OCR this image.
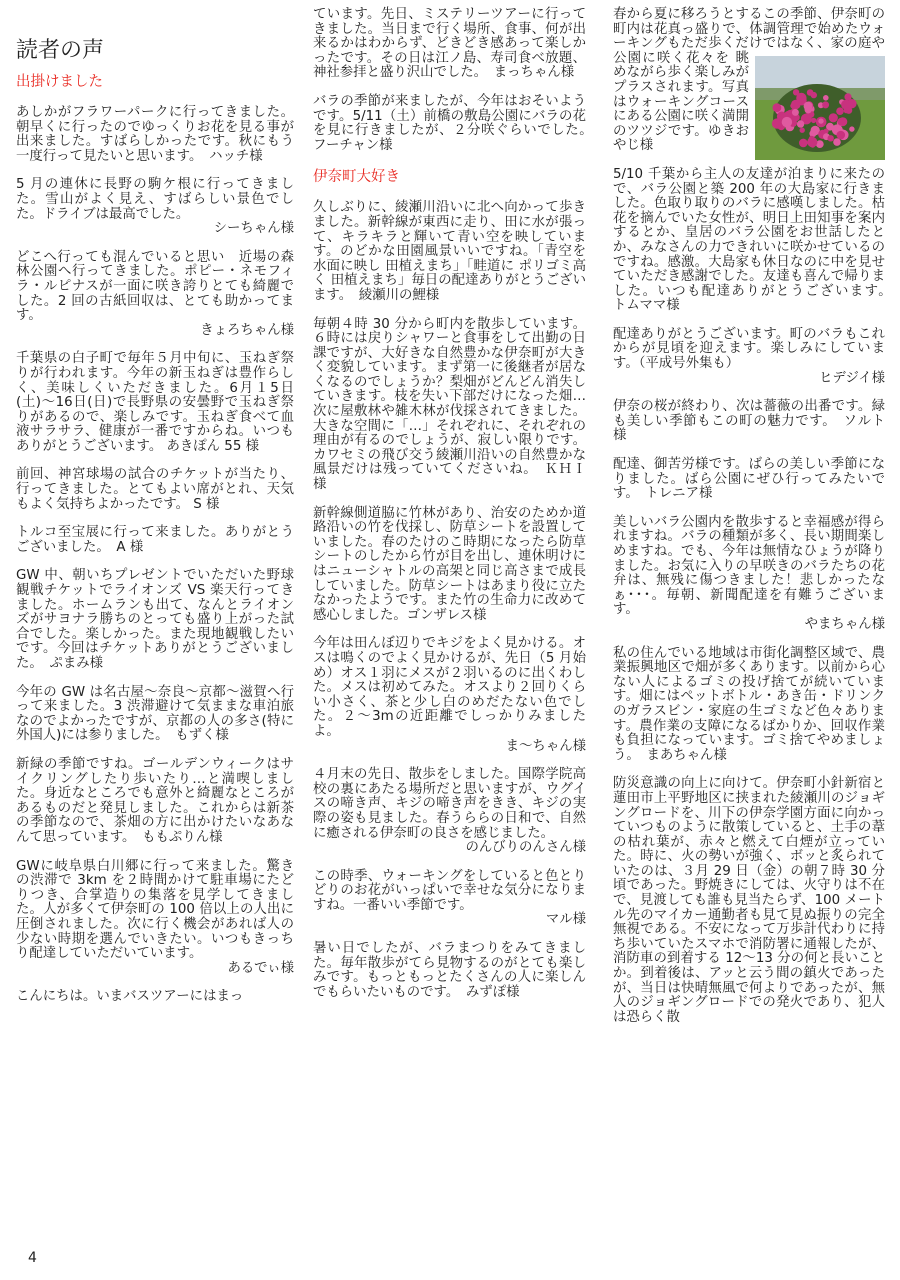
読者の声
出掛けました

あしかがフラワーパークに行ってきました。朝早くに行ったのでゆっくりお花を見る事が出来ました。すばらしかったです。秋にもう一度行って見たいと思います。　ハッチ様

5 月の連休に長野の駒ケ根に行ってきました。雪山がよく見え、すばらしい景色でした。ドライブは最高でした。

シーちゃん様

どこへ行っても混んでいると思い　近場の森林公園へ行ってきました。ポピー・ネモフィラ・ルピナスが一面に咲き誇りとても綺麗でした。2 回の古紙回収は、とても助かってます。

きょろちゃん様

千葉県の白子町で毎年５月中旬に、玉ねぎ祭りが行われます。今年の新玉ねぎは豊作らしく、美味しくいただきました。6月１5日(土)〜16日(日)で長野県の安曇野で玉ねぎ祭りがあるので、楽しみです。玉ねぎ食べて血液サラサラ、健康が一番ですからね。いつもありがとうございます。 あきぽん 55 様

前回、神宮球場の試合のチケットが当たり、行ってきました。とてもよい席がとれ、天気もよく気持ちよかったです。 S 様

トルコ至宝展に行って来ました。ありがとうございました。　A 様

GW 中、朝いちプレゼントでいただいた野球観戦チケットでライオンズ VS 楽天行ってきました。ホームランも出て、なんとライオンズがサヨナラ勝ちのとっても盛り上がった試合でした。楽しかった。また現地観戦したいです。今回はチケットありがとうございました。　ぷまみ様

今年の GW は名古屋〜奈良〜京都〜滋賀へ行って来ました。3 渋滞避けて気ままな車泊旅なのでよかったですが、京都の人の多さ(特に外国人)には参りました。　もずく様

新緑の季節ですね。ゴールデンウィークはサイクリングしたり歩いたり…と満喫しました。身近なところでも意外と綺麗なところがあるものだと発見しました。これからは新茶の季節なので、茶畑の方に出かけたいなあなんて思っています。　ももぷりん様

GWに岐阜県白川郷に行って来ました。驚きの渋滞で 3km を２時間かけて駐車場にたどりつき、合掌造りの集落を見学してきました。人が多くて伊奈町の 100 倍以上の人出に圧倒されました。次に行く機会があれば人の少ない時期を選んでいきたい。いつもきっちり配達していただいています。

あるでぃ様

こんにちは。いまバスツアーにはまっ

ています。先日、ミステリーツアーに行ってきました。当日まで行く場所、食事、何が出来るかはわからず、どきどき感あって楽しかったです。その日は江ノ島、寿司食べ放題、神社参拝と盛り沢山でした。　まっちゃん様

バラの季節が来ましたが、今年はおそいようです。5/11（土）前橋の敷島公園にバラの花を見に行きましたが、２分咲ぐらいでした。　フーチャン様

伊奈町大好き

久しぶりに、綾瀬川沿いに北へ向かって歩きました。新幹線が東西に走り、田に水が張って、キラキラと輝いて青い空を映しています。のどかな田園風景いいですね。｢青空を 水面に映し 田植えまち｣「畦道に ポリゴミ高く 田植えまち」毎日の配達ありがとうございます。　綾瀬川の鯉様

毎朝４時 30 分から町内を散歩しています。６時には戻りシャワーと食事をして出勤の日課ですが、大好きな自然豊かな伊奈町が大きく変貌しています。まず第一に後継者が居なくなるのでしょうか？梨畑がどんどん消失していきます。枝を失い下部だけになった畑…次に屋敷林や雑木林が伐採されてきました。大きな空間に「…」それぞれに、それぞれの理由が有るのでしょうが、寂しい限りです。カワセミの飛び交う綾瀬川沿いの自然豊かな風景だけは残っていてくださいね。　ＫＨＩ様

新幹線側道脇に竹林があり、治安のためか道路沿いの竹を伐採し、防草シートを設置していました。春のたけのこ時期になったら防草シートのしたから竹が目を出し、連休明けにはニューシャトルの高架と同じ高さまで成長していました。防草シートはあまり役に立たなかったようです。また竹の生命力に改めて感心しました。ゴンザレス様

今年は田んぼ辺りでキジをよく見かける。オスは鳴くのでよく見かけるが、先日（5 月始め）オス１羽にメスが２羽いるのに出くわした。メスは初めてみた。オスより２回りくらい小さく、茶と少し白のめだたない色でした。２〜3mの近距離でしっかりみましたよ。

ま〜ちゃん様

４月末の先日、散歩をしました。国際学院高校の裏にあたる場所だと思いますが、ウグイスの啼き声、キジの啼き声をきき、キジの実際の姿も見ました。春うららの日和で、自然に癒される伊奈町の良さを感じました。

のんびりのんさん様

この時季、ウォーキングをしていると色とりどりのお花がいっぱいで幸せな気分になりますね。一番いい季節です。

マル様

暑い日でしたが、バラまつりをみてきました。毎年散歩がてら見物するのがとても楽しみです。もっともっとたくさんの人に楽しんでもらいたいものです。　みずぽ様

春から夏に移ろうとするこの季節、伊奈町の町内は花真っ盛りで、体調管理で始めたウォーキングもただ歩くだけではなく、家の庭や公園に咲く花々を 眺めながら歩く楽しみがプラスされます。写真はウォーキングコースにある公園に咲く満開のツツジです。ゆきおやじ様

5/10 千葉から主人の友達が泊まりに来たので、バラ公園と築 200 年の大島家に行きました。色取り取りのバラに感嘆しました。枯花を摘んでいた女性が、明日上田知事を案内するとか、皇居のバラ公園をお世話したとか、みなさんの力できれいに咲かせているのですね。感激。大島家も休日なのに中を見せていただき感謝でした。友達も喜んで帰りました。いつも配達ありがとうございます。　トムママ様

配達ありがとうございます。町のバラもこれからが見頃を迎えます。楽しみにしています。（平成号外集も）

ヒデジイ様

伊奈の桜が終わり、次は薔薇の出番です。緑も美しい季節もこの町の魅力です。　ソルト様

配達、御苦労様です。ばらの美しい季節になりました。ばら公園にぜひ行ってみたいです。　トレニア様

美しいバラ公園内を散歩すると幸福感が得られますね。バラの種類が多く、長い期間楽しめますね。でも、今年は無情なひょうが降りました。お気に入りの早咲きのバラたちの花弁は、無残に傷つきました！悲しかったなぁ･･･。毎朝、新聞配達を有難うございます。

やまちゃん様

私の住んでいる地域は市街化調整区域で、農業振興地区で畑が多くあります。以前から心ない人によるゴミの投げ捨てが続いています。畑にはペットボトル・あき缶・ドリンクのガラスビン・家庭の生ゴミなど色々あります。農作業の支障になるばかりか、回収作業も負担になっています。ゴミ捨てやめましょう。　まあちゃん様

防災意識の向上に向けて。伊奈町小針新宿と蓮田市上平野地区に挟まれた綾瀬川のジョギングロードを、川下の伊奈学園方面に向かっていつものように散策していると、土手の葦の枯れ葉が、赤々と燃えて白煙が立っていた。時に、火の勢いが強く、ボッと炙られていたのは、３月 29 日（金）の朝７時 30 分頃であった。野焼きにしては、火守りは不在で、見渡しても誰も見当たらず、100 メートル先のマイカー通勤者も見て見ぬ振りの完全無視である。不安になって万歩計代わりに持ち歩いていたスマホで消防署に通報したが、消防車の到着する 12〜13 分の何と長いことか。到着後は、アッと云う間の鎮火であったが、当日は快晴無風で何よりであったが、無人のジョギングロードでの発火であり、犯人は恐らく散

4
